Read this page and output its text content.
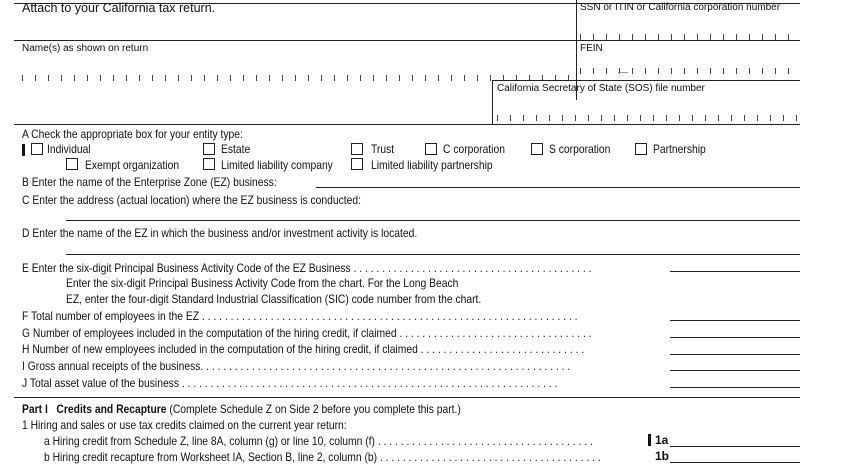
Attach to your California tax return.	SSN or ITIN or California corporation number
Name(s) as shown on return	FEIN
California Secretary of State (SOS) file number
A Check the appropriate box for your entity type:
Individual	Estate	Trust	C corporation	S corporation	Partnership
Exempt organization	Limited liability company	Limited liability partnership
B Enter the name of the Enterprise Zone (EZ) business:
C Enter the address (actual location) where the EZ business is conducted:
D Enter the name of the EZ in which the business and/or investment activity is located.
E Enter the six-digit Principal Business Activity Code of the EZ Business . . . . . . . . . . . . . . . . . . . . . . . . . . . . . . . . . . . . . . . . . .
Enter the six-digit Principal Business Activity Code from the chart. For the Long Beach
EZ, enter the four-digit Standard Industrial Classification (SIC) code number from the chart.
F Total number of employees in the EZ . . . . . . . . . . . . . . . . . . . . . . . . . . . . . . . . . . . . . . . . . . . . . . . . . . . . . . . . . . . . . . . . . .
G Number of employees included in the computation of the hiring credit, if claimed . . . . . . . . . . . . . . . . . . . . . . . . . . . . . . . . . .
H Number of new employees included in the computation of the hiring credit, if claimed . . . . . . . . . . . . . . . . . . . . . . . . . . . . .
I Gross annual receipts of the business. . . . . . . . . . . . . . . . . . . . . . . . . . . . . . . . . . . . . . . . . . . . . . . . . . . . . . . . . . . . . . . . .
J Total asset value of the business . . . . . . . . . . . . . . . . . . . . . . . . . . . . . . . . . . . . . . . . . . . . . . . . . . . . . . . . . . . . . . . . . .
Part I Credits and Recapture (Complete Schedule Z on Side 2 before you complete this part.)
1 Hiring and sales or use tax credits claimed on the current year return:
a Hiring credit from Schedule Z, line 8A, column (g) or line 10, column (f) . . . . . . . . . . . . . . . . . . . . . . . . . . . . . . . . . . . . . .	1a
b Hiring credit recapture from Worksheet IA, Section B, line 2, column (b) . . . . . . . . . . . . . . . . . . . . . . . . . . . . . . . . . . . . . . .	1b
